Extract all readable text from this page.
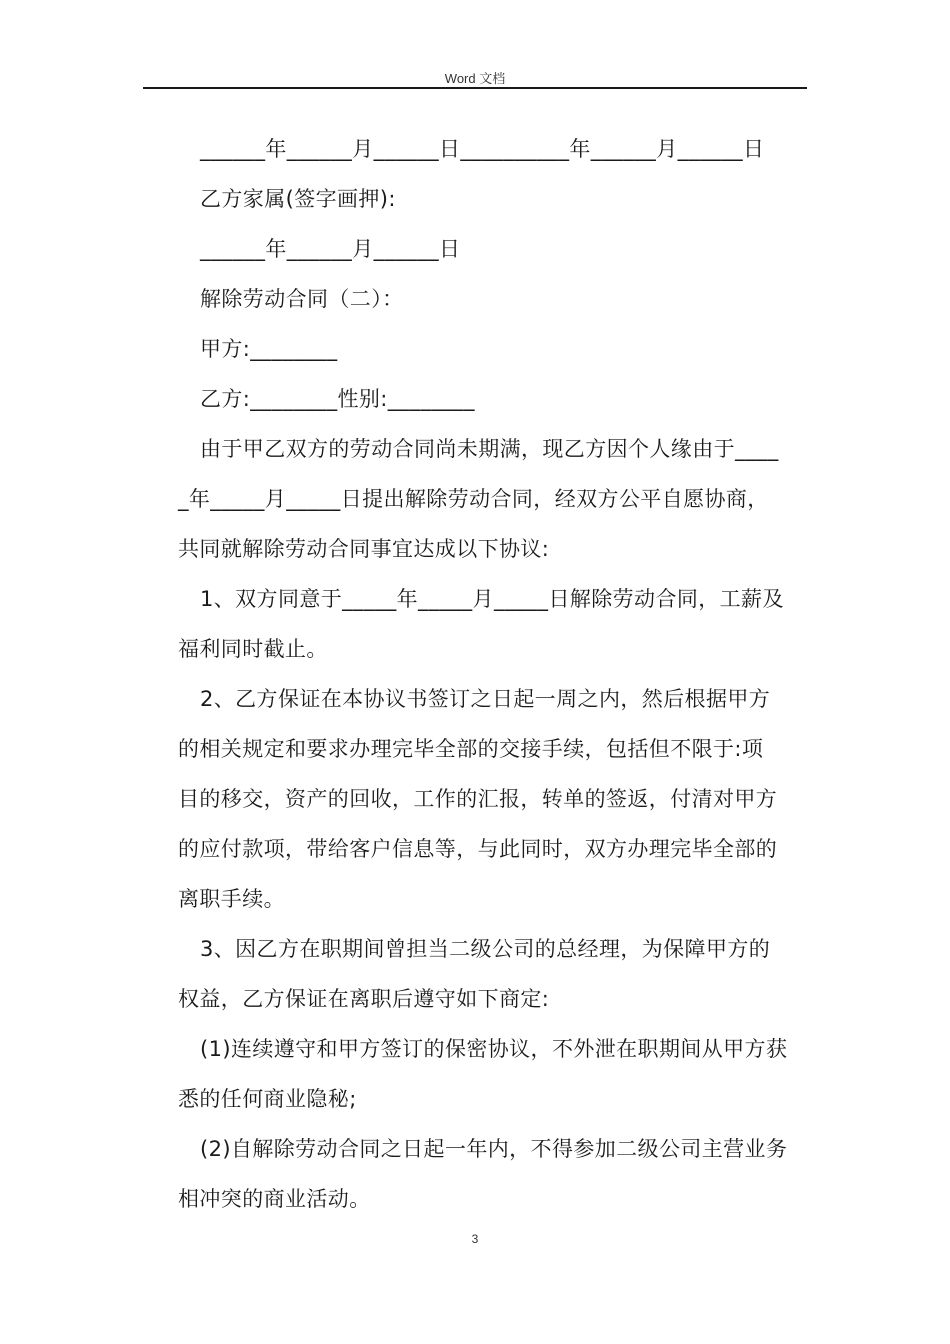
Word 文档

______年______月______日__________年______月______日

乙方家属(签字画押):

______年______月______日

解除劳动合同（二）：

甲方:________

乙方:________性别:________

由于甲乙双方的劳动合同尚未期满，现乙方因个人缘由于____

_年_____月_____日提出解除劳动合同，经双方公平自愿协商，

共同就解除劳动合同事宜达成以下协议:

1、双方同意于_____年_____月_____日解除劳动合同，工薪及

福利同时截止。

2、乙方保证在本协议书签订之日起一周之内，然后根据甲方

的相关规定和要求办理完毕全部的交接手续，包括但不限于:项

目的移交，资产的回收，工作的汇报，转单的签返，付清对甲方

的应付款项，带给客户信息等，与此同时，双方办理完毕全部的

离职手续。

3、因乙方在职期间曾担当二级公司的总经理，为保障甲方的

权益，乙方保证在离职后遵守如下商定:

(1)连续遵守和甲方签订的保密协议，不外泄在职期间从甲方获

悉的任何商业隐秘;

(2)自解除劳动合同之日起一年内，不得参加二级公司主营业务

相冲突的商业活动。

3
